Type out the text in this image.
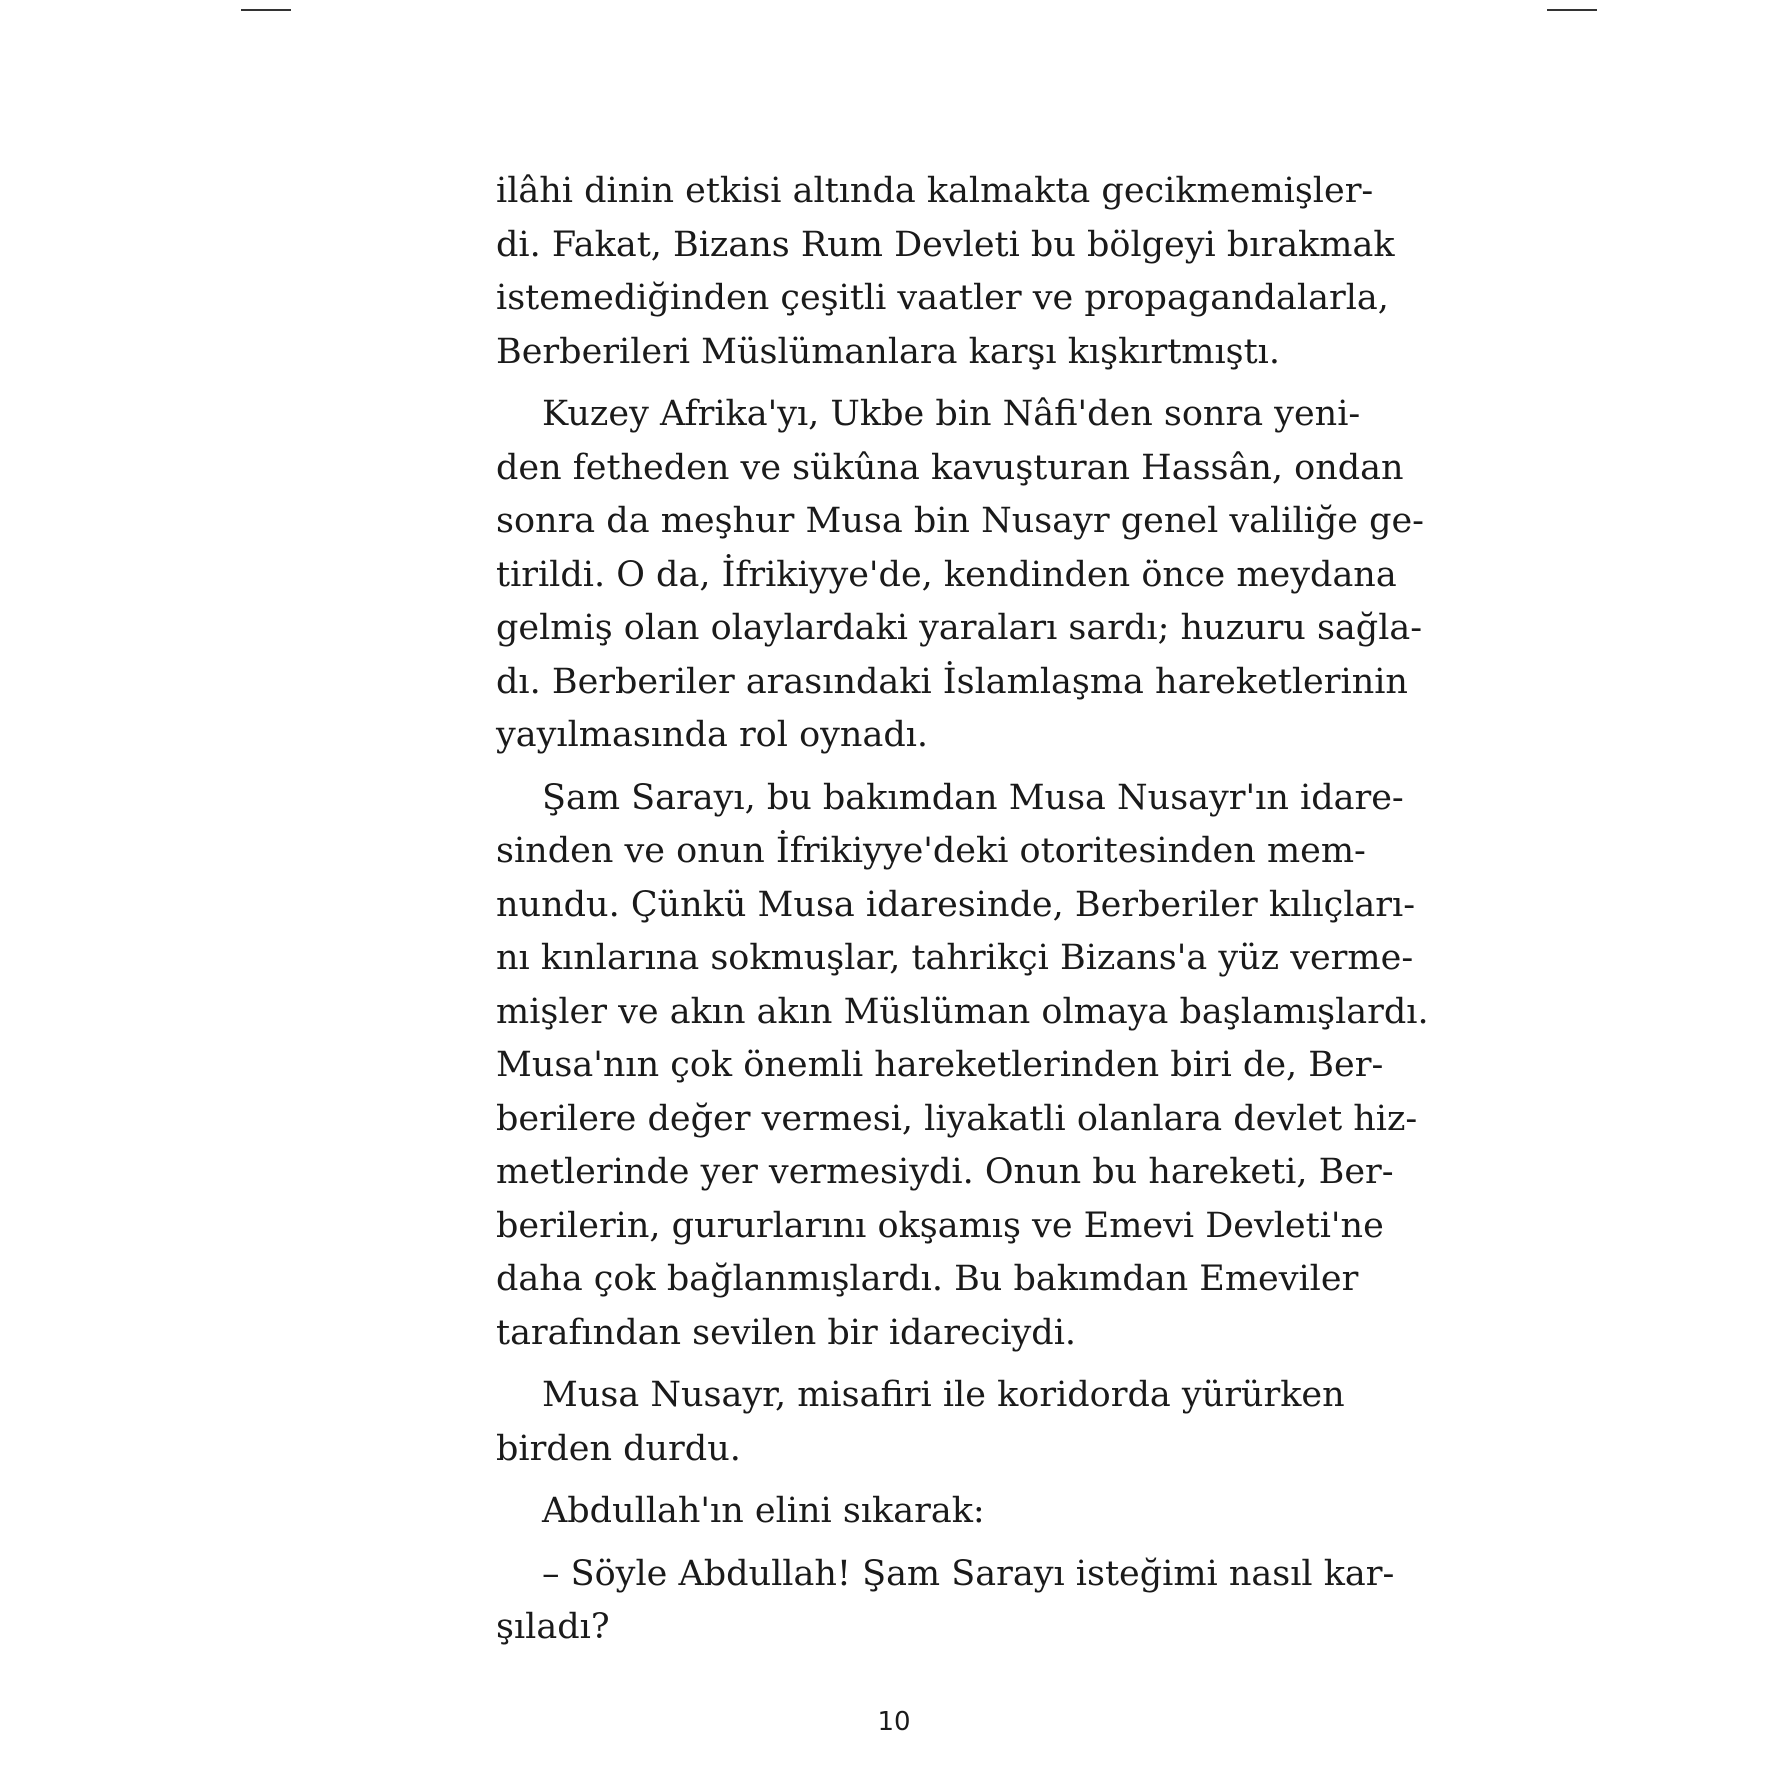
ilâhi dinin etkisi altında kalmakta gecikmemişler-
di. Fakat, Bizans Rum Devleti bu bölgeyi bırakmak
istemediğinden çeşitli vaatler ve propagandalarla,
Berberileri Müslümanlara karşı kışkırtmıştı.

Kuzey Afrika'yı, Ukbe bin Nâfi'den sonra yeni-
den fetheden ve sükûna kavuşturan Hassân, ondan
sonra da meşhur Musa bin Nusayr genel valiliğe ge-
tirildi. O da, İfrikiyye'de, kendinden önce meydana
gelmiş olan olaylardaki yaraları sardı; huzuru sağla-
dı. Berberiler arasındaki İslamlaşma hareketlerinin
yayılmasında rol oynadı.

Şam Sarayı, bu bakımdan Musa Nusayr'ın idare-
sinden ve onun İfrikiyye'deki otoritesinden mem-
nundu. Çünkü Musa idaresinde, Berberiler kılıçları-
nı kınlarına sokmuşlar, tahrikçi Bizans'a yüz verme-
mişler ve akın akın Müslüman olmaya başlamışlardı.
Musa'nın çok önemli hareketlerinden biri de, Ber-
berilere değer vermesi, liyakatli olanlara devlet hiz-
metlerinde yer vermesiydi. Onun bu hareketi, Ber-
berilerin, gururlarını okşamış ve Emevi Devleti'ne
daha çok bağlanmışlardı. Bu bakımdan Emeviler
tarafından sevilen bir idareciydi.

Musa Nusayr, misafiri ile koridorda yürürken
birden durdu.

Abdullah'ın elini sıkarak:

– Söyle Abdullah! Şam Sarayı isteğimi nasıl kar-
şıladı?

10
